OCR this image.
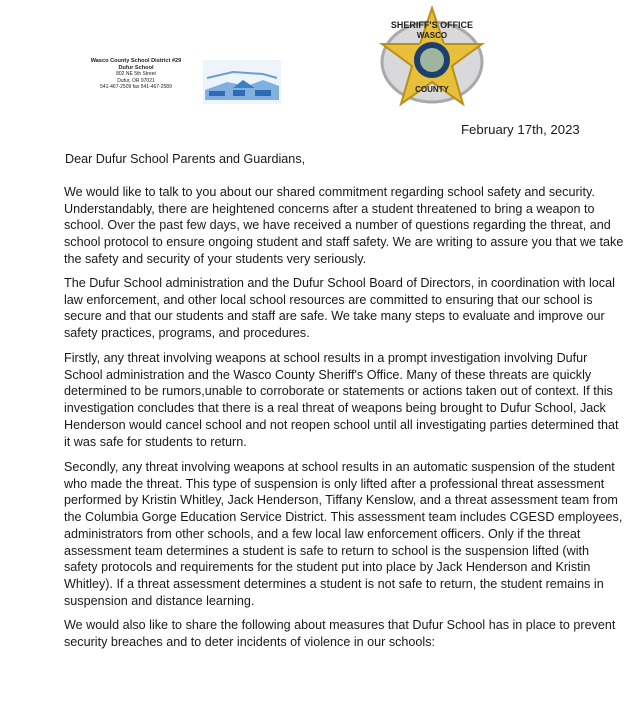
Wasco County School District #29
Dufur School
802 NE 5th Street
Dufur, OR 97021
541-467-2509 fax 541-467-2589
SHERIFF'S OFFICE
WASCO
COUNTY
February 17th, 2023
Dear Dufur School Parents and Guardians,

We would like to talk to you about our shared commitment regarding school safety and security. Understandably, there are heightened concerns after a student threatened to bring a weapon to school. Over the past few days, we have received a number of questions regarding the threat, and school protocol to ensure ongoing student and staff safety. We are writing to assure you that we take the safety and security of your students very seriously.

The Dufur School administration and the Dufur School Board of Directors, in coordination with local law enforcement, and other local school resources are committed to ensuring that our school is secure and that our students and staff are safe. We take many steps to evaluate and improve our safety practices, programs, and procedures.

Firstly, any threat involving weapons at school results in a prompt investigation involving Dufur School administration and the Wasco County Sheriff's Office. Many of these threats are quickly determined to be rumors,unable to corroborate or statements or actions taken out of context. If this investigation concludes that there is a real threat of weapons being brought to Dufur School, Jack Henderson would cancel school and not reopen school until all investigating parties determined that it was safe for students to return.

Secondly, any threat involving weapons at school results in an automatic suspension of the student who made the threat. This type of suspension is only lifted after a professional threat assessment performed by Kristin Whitley, Jack Henderson, Tiffany Kenslow, and a threat assessment team from the Columbia Gorge Education Service District. This assessment team includes CGESD employees, administrators from other schools, and a few local law enforcement officers. Only if the threat assessment team determines a student is safe to return to school is the suspension lifted (with safety protocols and requirements for the student put into place by Jack Henderson and Kristin Whitley). If a threat assessment determines a student is not safe to return, the student remains in suspension and distance learning.

We would also like to share the following about measures that Dufur School has in place to prevent security breaches and to deter incidents of violence in our schools:
